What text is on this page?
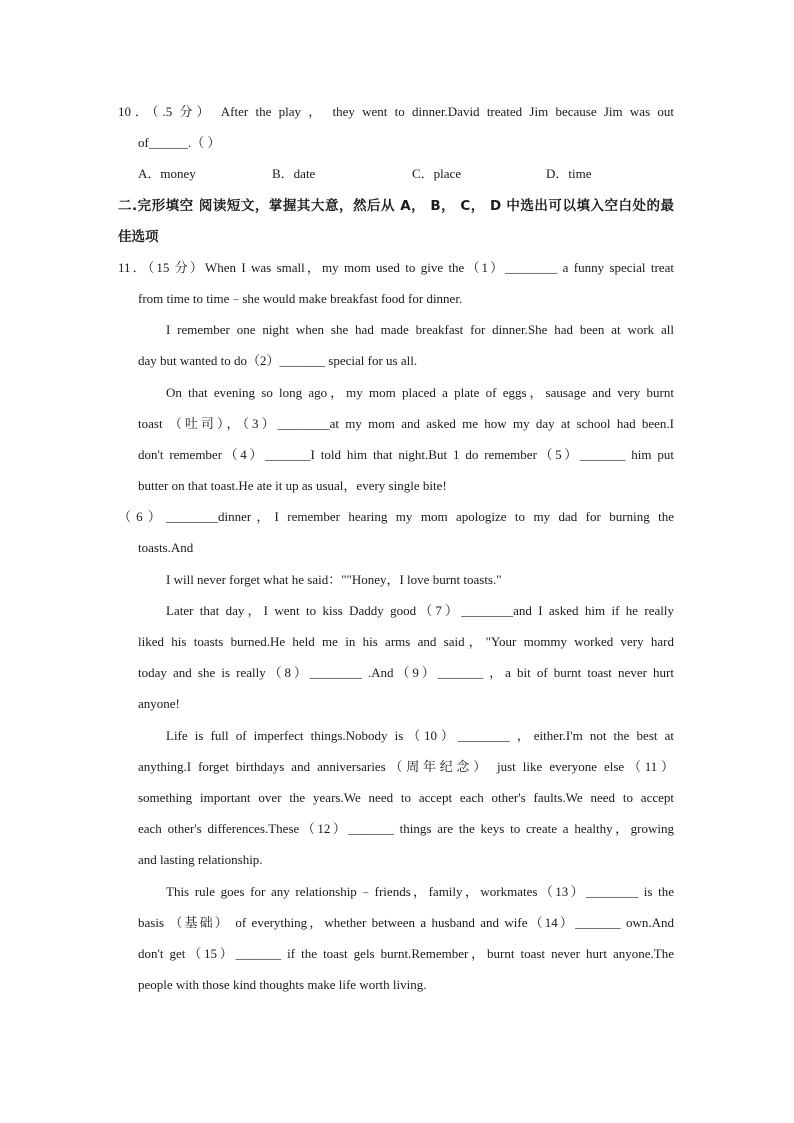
10．（.5 分） After the play ， they went to dinner.David treated Jim because Jim was out
of______.（ ）
A．money	B．date	C．place	D．time
二.完形填空 阅读短文，掌握其大意，然后从 A， B， C， D 中选出可以填入空白处的最
佳选项
11．（15 分）When I was small，my mom used to give the（1）________ a funny special treat
from time to time﹣she would make breakfast food for dinner.
I remember one night when she had made breakfast for dinner.She had been at work all
day but wanted to do（2）_______ special for us all.
On that evening so long ago，my mom placed a plate of eggs，sausage and very burnt
toast （吐司），（3）________at my mom and asked me how my day at school had been.I
don't remember（4）_______I told him that night.But 1 do remember（5）_______ him put
butter on that toast.He ate it up as usual，every single bite!
（6）________dinner，I remember hearing my mom apologize to my dad for burning the
toasts.And
I will never forget what he said：""Honey，I love burnt toasts."
Later that day，I went to kiss Daddy good（7）________and I asked him if he really
liked his toasts burned.He held me in his arms and said，"Your mommy worked very hard
today and she is really（8）________ .And（9）_______ ，a bit of burnt toast never hurt
anyone!
Life is full of imperfect things.Nobody is（10）________ ，either.I'm not the best at
anything.I forget birthdays and anniversaries（周年纪念） just like everyone else（11）
something important over the years.We need to accept each other's faults.We need to accept
each other's differences.These（12）_______ things are the keys to create a healthy，growing
and lasting relationship.
This rule goes for any relationship﹣friends，family，workmates（13）________ is the
basis （基础） of everything，whether between a husband and wife（14）_______ own.And
don't get（15）_______ if the toast gels burnt.Remember，burnt toast never hurt anyone.The
people with those kind thoughts make life worth living.
